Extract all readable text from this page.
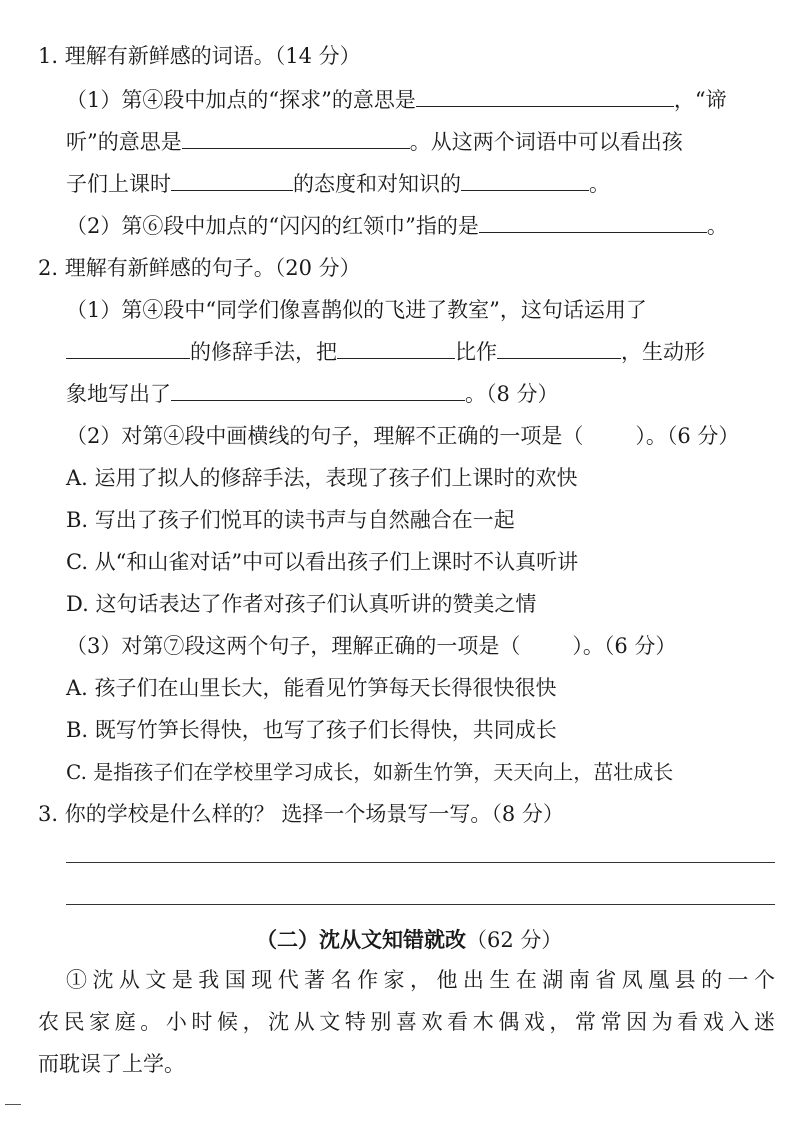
1. 理解有新鲜感的词语。（14 分）
（1）第④段中加点的“探求”的意思是	，“谛
听”的意思是	。从这两个词语中可以看出孩
子们上课时	的态度和对知识的	。
（2）第⑥段中加点的“闪闪的红领巾”指的是	。
2. 理解有新鲜感的句子。（20 分）
（1）第④段中“同学们像喜鹊似的飞进了教室”，这句话运用了
的修辞手法，把	比作	，生动形
象地写出了	。（8 分）
（2）对第④段中画横线的句子，理解不正确的一项是（ ）。（6 分）
A. 运用了拟人的修辞手法，表现了孩子们上课时的欢快
B. 写出了孩子们悦耳的读书声与自然融合在一起
C. 从“和山雀对话”中可以看出孩子们上课时不认真听讲
D. 这句话表达了作者对孩子们认真听讲的赞美之情
（3）对第⑦段这两个句子，理解正确的一项是（ ）。（6 分）
A. 孩子们在山里长大，能看见竹笋每天长得很快很快
B. 既写竹笋长得快，也写了孩子们长得快，共同成长
C. 是指孩子们在学校里学习成长，如新生竹笋，天天向上，茁壮成长
3. 你的学校是什么样的？ 选择一个场景写一写。（8 分）
（二）沈从文知错就改（62 分）
①沈从文是我国现代著名作家，他出生在湖南省凤凰县的一个
农民家庭。小时候，沈从文特别喜欢看木偶戏，常常因为看戏入迷
而耽误了上学。
